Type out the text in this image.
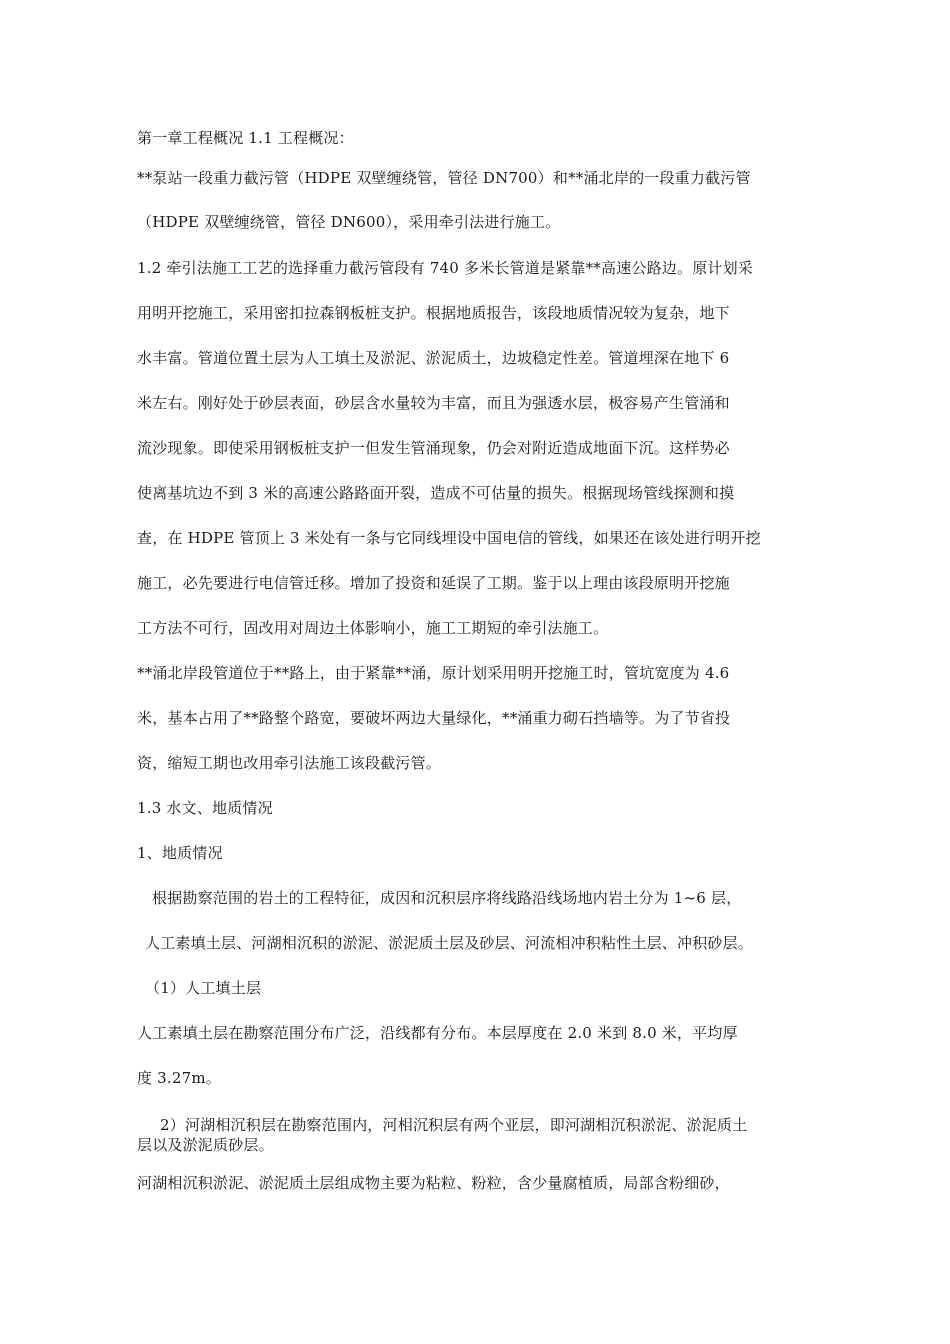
第一章工程概况 1.1 工程概况：
**泵站一段重力截污管（HDPE 双壁缠绕管，管径 DN700）和**涌北岸的一段重力截污管
（HDPE 双壁缠绕管，管径 DN600），采用牵引法进行施工。
1.2 牵引法施工工艺的选择重力截污管段有 740 多米长管道是紧靠**高速公路边。原计划采
用明开挖施工，采用密扣拉森钢板桩支护。根据地质报告，该段地质情况较为复杂，地下
水丰富。管道位置土层为人工填土及淤泥、淤泥质土，边坡稳定性差。管道埋深在地下 6
米左右。刚好处于砂层表面，砂层含水量较为丰富，而且为强透水层，极容易产生管涌和
流沙现象。即使采用钢板桩支护一但发生管涌现象，仍会对附近造成地面下沉。这样势必
使离基坑边不到 3 米的高速公路路面开裂，造成不可估量的损失。根据现场管线探测和摸
查，在 HDPE 管顶上 3 米处有一条与它同线埋设中国电信的管线，如果还在该处进行明开挖
施工，必先要进行电信管迁移。增加了投资和延误了工期。鉴于以上理由该段原明开挖施
工方法不可行，固改用对周边土体影响小，施工工期短的牵引法施工。
**涌北岸段管道位于**路上，由于紧靠**涌，原计划采用明开挖施工时，管坑宽度为 4.6
米，基本占用了**路整个路宽，要破坏两边大量绿化，**涌重力砌石挡墙等。为了节省投
资，缩短工期也改用牵引法施工该段截污管。
1.3 水文、地质情况
1、地质情况
根据勘察范围的岩土的工程特征，成因和沉积层序将线路沿线场地内岩土分为 1~6 层，
人工素填土层、河湖相沉积的淤泥、淤泥质土层及砂层、河流相冲积粘性土层、冲积砂层。
（1）人工填土层
人工素填土层在勘察范围分布广泛，沿线都有分布。本层厚度在 2.0 米到 8.0 米，平均厚
度 3.27m。
2）河湖相沉积层在勘察范围内，河相沉积层有两个亚层，即河湖相沉积淤泥、淤泥质土
层以及淤泥质砂层。
河湖相沉积淤泥、淤泥质土层组成物主要为粘粒、粉粒，含少量腐植质，局部含粉细砂，
